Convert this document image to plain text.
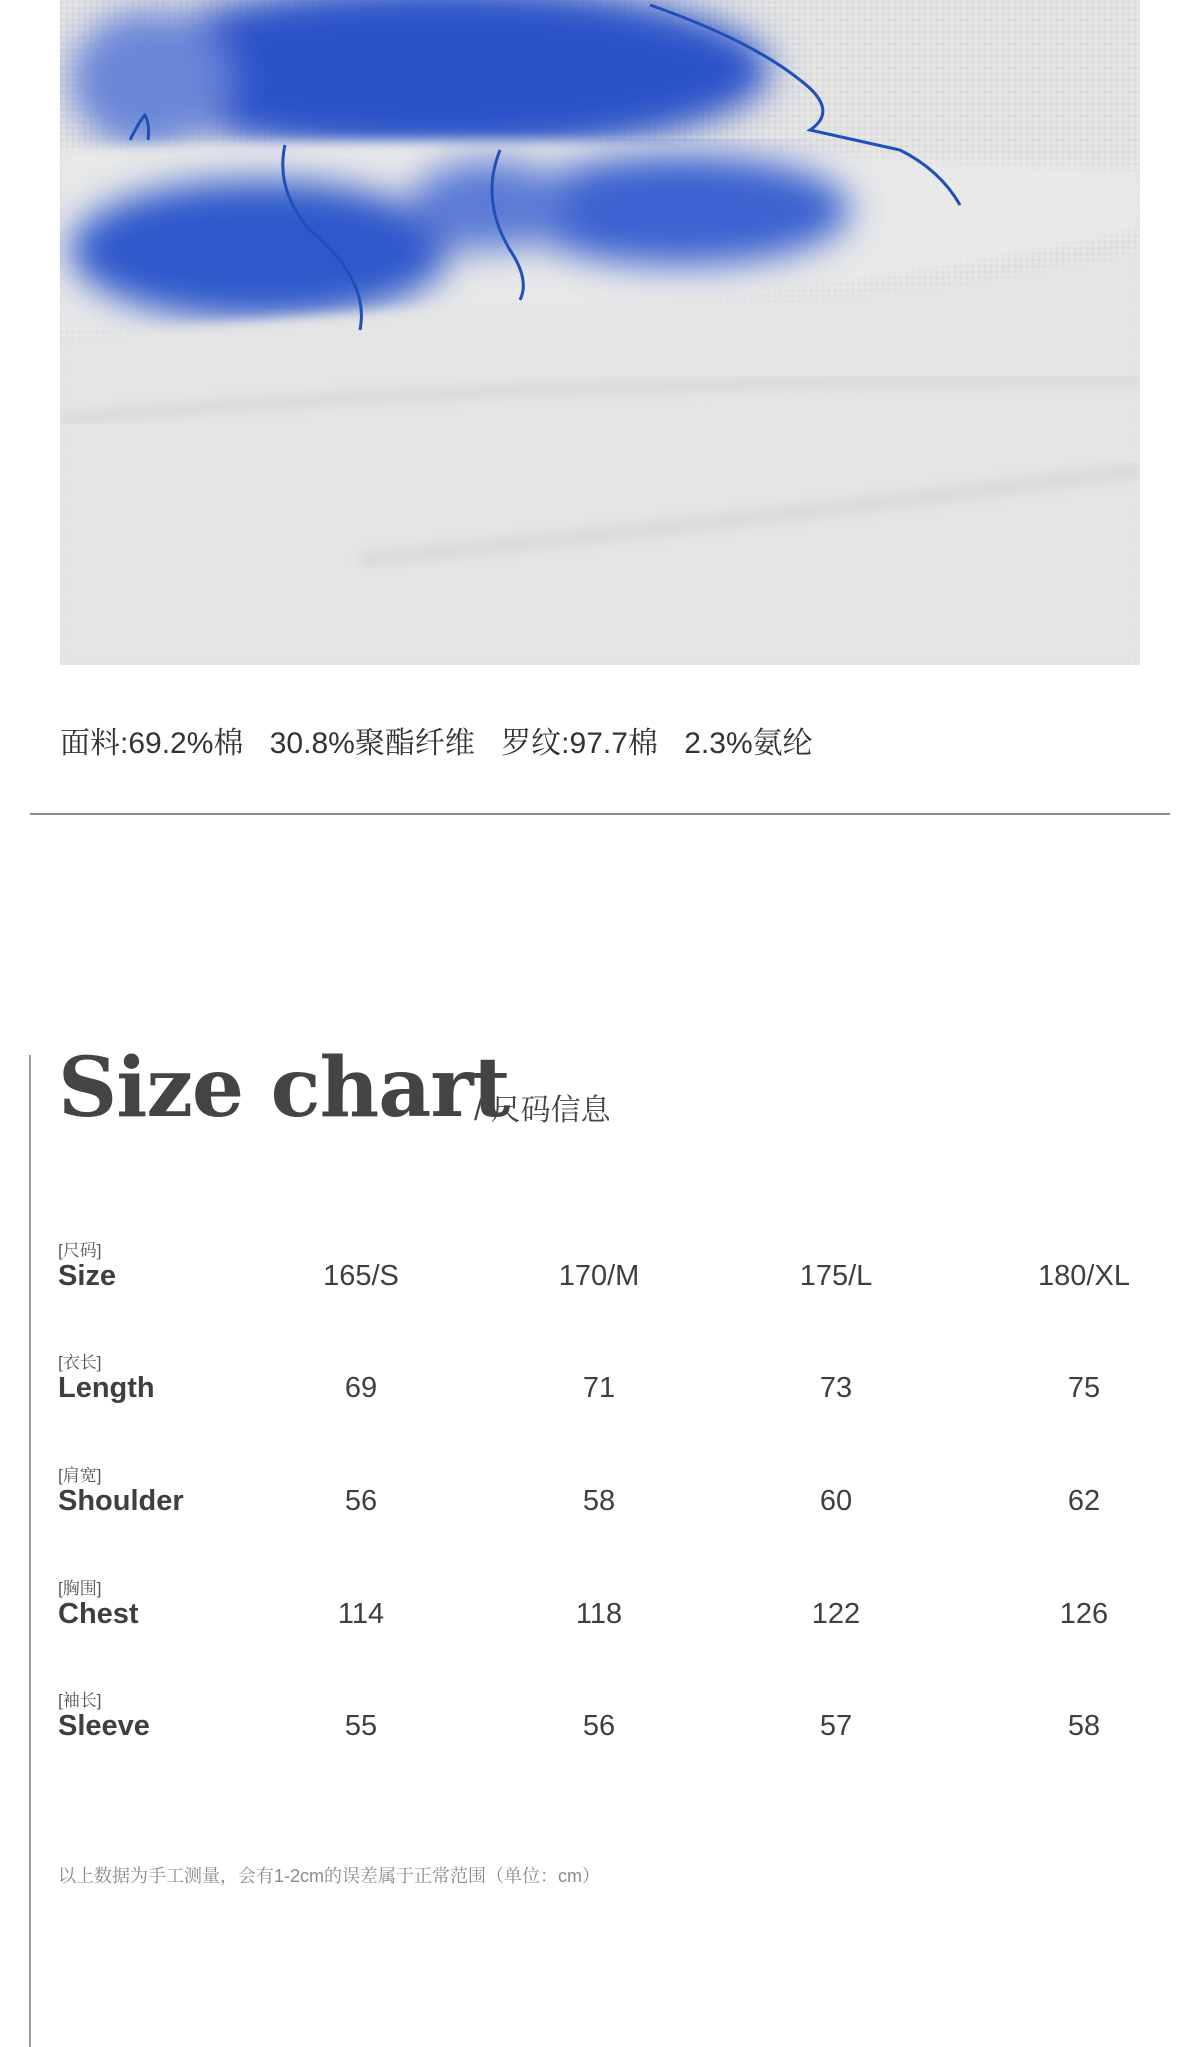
面料:69.2%棉 30.8%聚酯纤维 罗纹:97.7棉 2.3%氨纶
Size chart
/ 尺码信息
[尺码]
Size	165/S	170/M	175/L	180/XL
[衣长]
Length	69	71	73	75
[肩宽]
Shoulder	56	58	60	62
[胸围]
Chest	114	118	122	126
[袖长]
Sleeve	55	56	57	58
以上数据为手工测量，会有1-2cm的误差属于正常范围（单位：cm）
